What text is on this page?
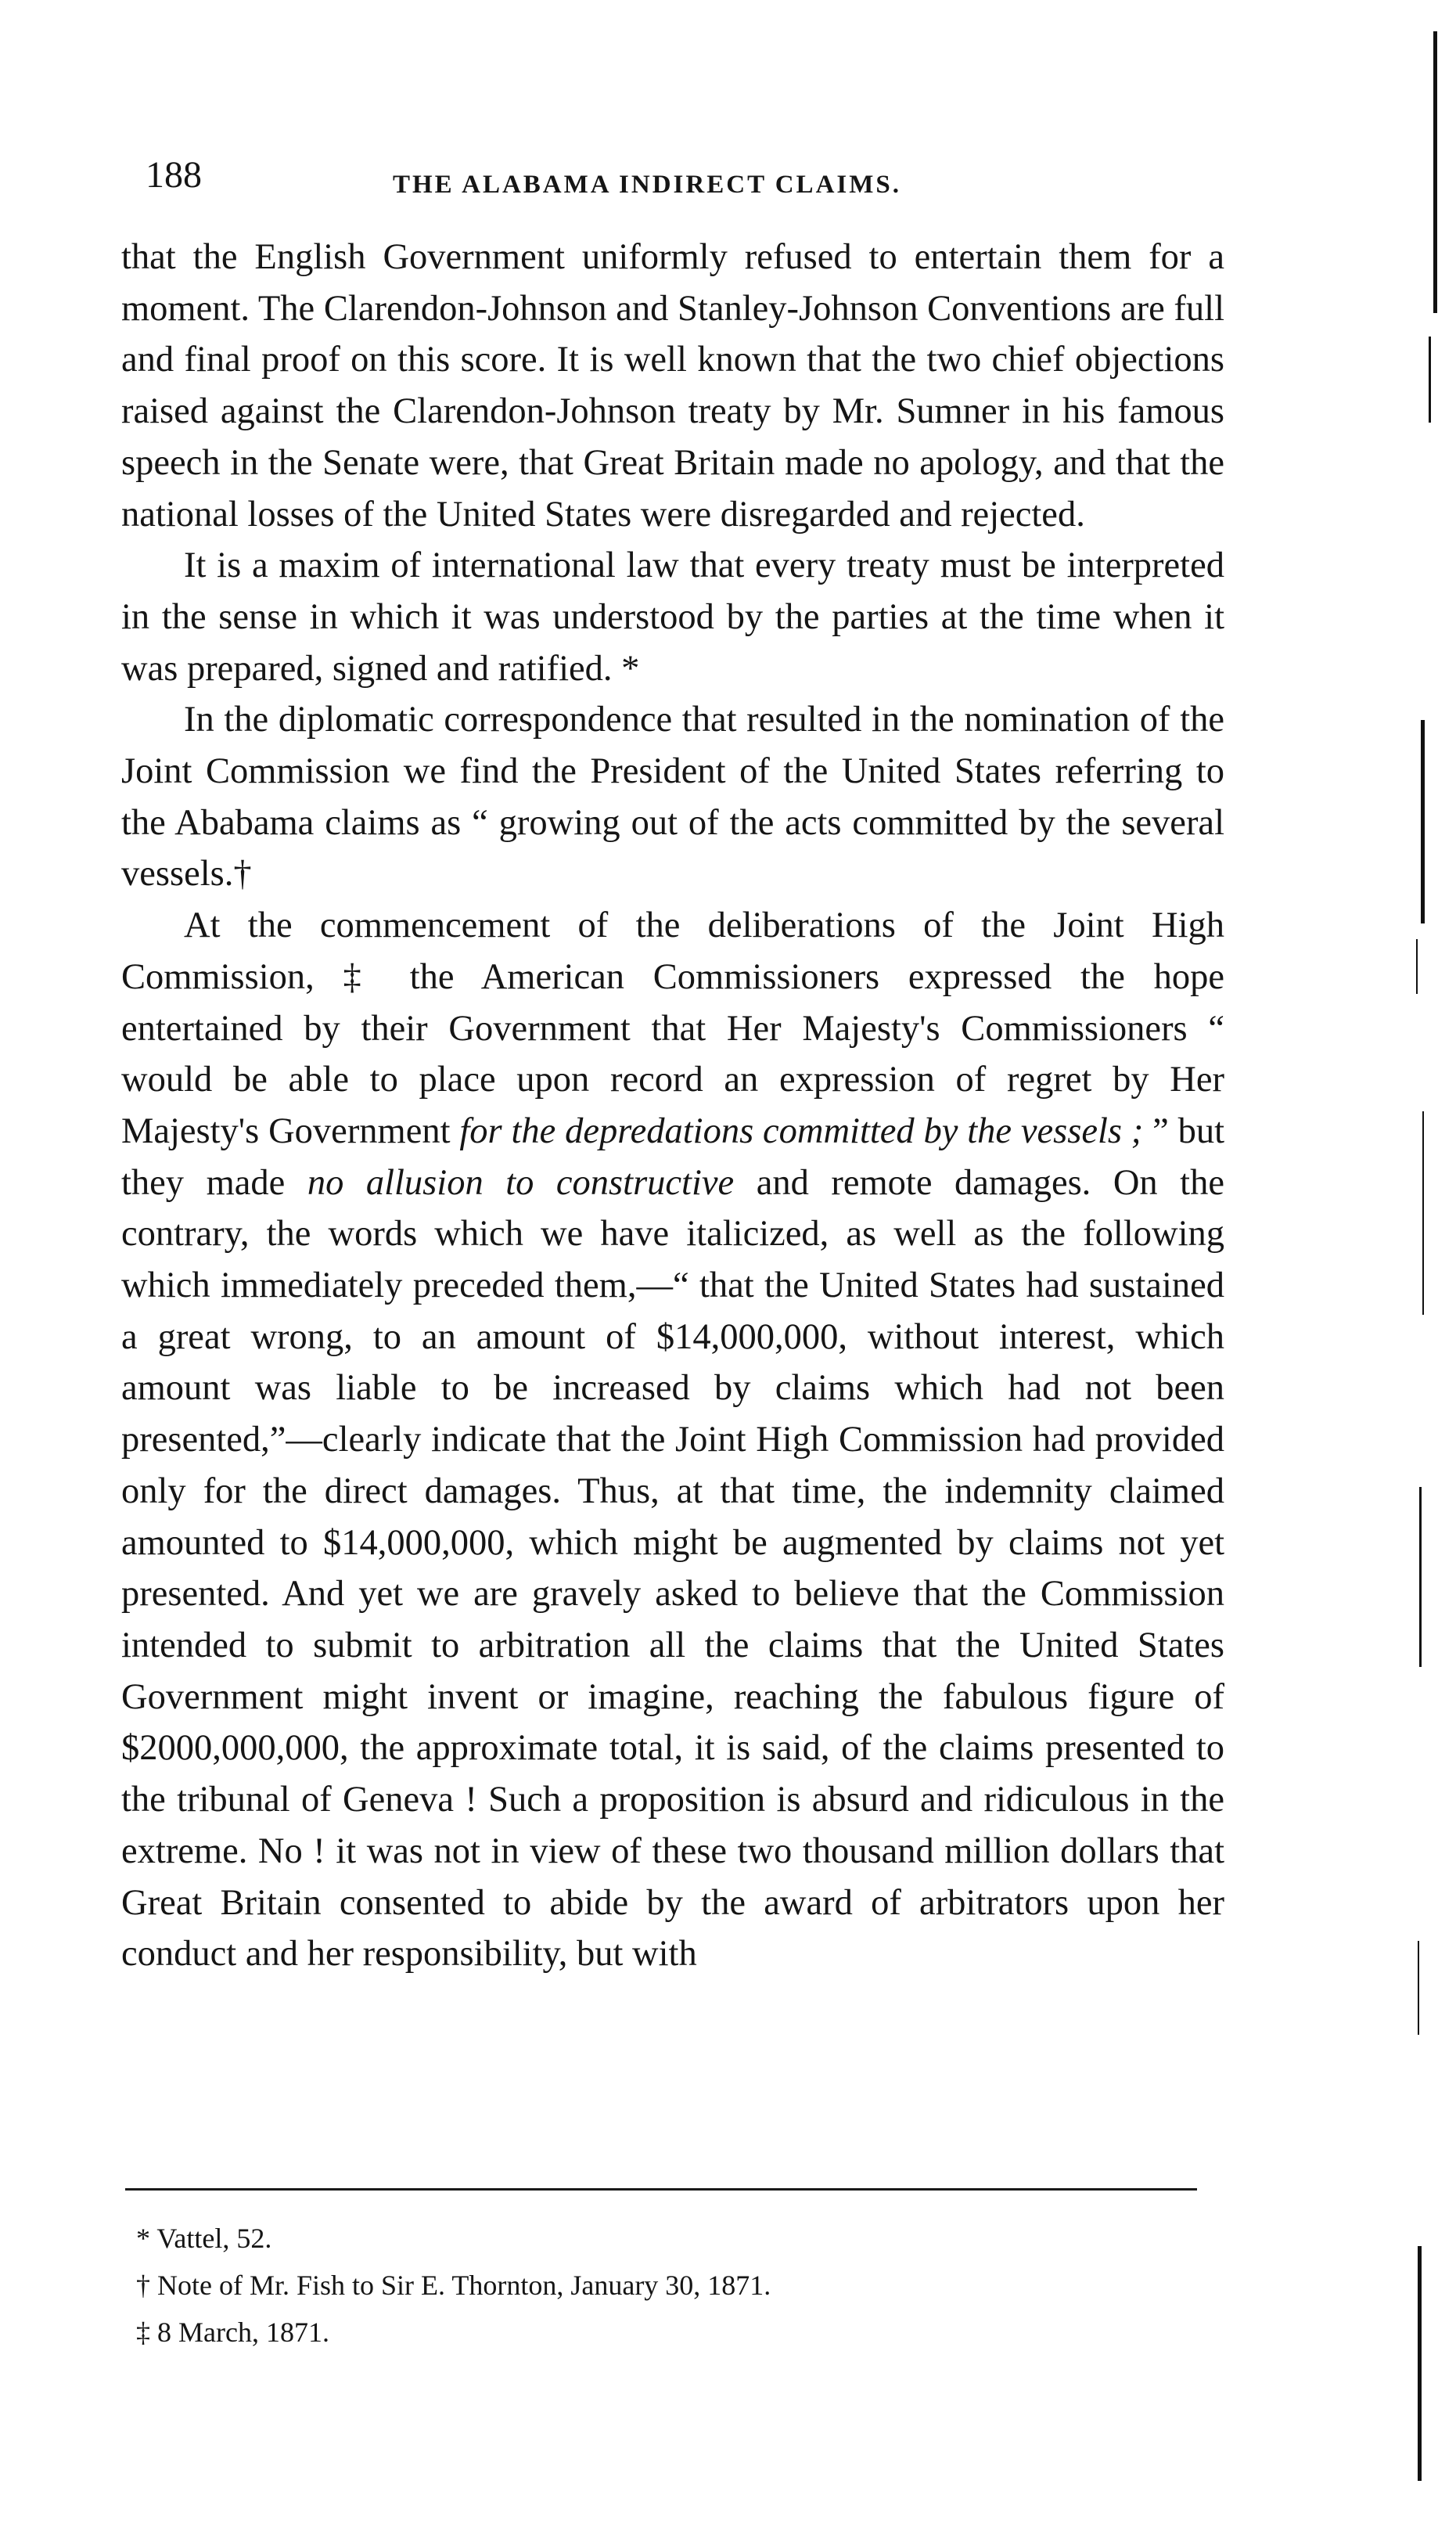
188	THE ALABAMA INDIRECT CLAIMS.

that the English Government uniformly refused to entertain them for a moment. The Clarendon-Johnson and Stanley-Johnson Conventions are full and final proof on this score. It is well known that the two chief objections raised against the Clarendon-Johnson treaty by Mr. Sumner in his famous speech in the Senate were, that Great Britain made no apology, and that the national losses of the United States were disregarded and rejected.

It is a maxim of international law that every treaty must be interpreted in the sense in which it was understood by the parties at the time when it was prepared, signed and ratified. *

In the diplomatic correspondence that resulted in the nomination of the Joint Commission we find the President of the United States referring to the Ababama claims as “ growing out of the acts committed by the several vessels.†

At the commencement of the deliberations of the Joint High Commission, ‡ the American Commissioners expressed the hope entertained by their Government that Her Majesty's Commissioners “ would be able to place upon record an expression of regret by Her Majesty's Government for the depredations committed by the vessels ; ” but they made no allusion to constructive and remote damages. On the contrary, the words which we have italicized, as well as the following which immediately preceded them,—“ that the United States had sustained a great wrong, to an amount of $14,000,000, without interest, which amount was liable to be increased by claims which had not been presented,”—clearly indicate that the Joint High Commission had provided only for the direct damages. Thus, at that time, the indemnity claimed amounted to $14,000,000, which might be augmented by claims not yet presented. And yet we are gravely asked to believe that the Commission intended to submit to arbitration all the claims that the United States Government might invent or imagine, reaching the fabulous figure of $2000,000,000, the approximate total, it is said, of the claims presented to the tribunal of Geneva ! Such a proposition is absurd and ridiculous in the extreme. No ! it was not in view of these two thousand million dollars that Great Britain consented to abide by the award of arbitrators upon her conduct and her responsibility, but with

* Vattel, 52.

† Note of Mr. Fish to Sir E. Thornton, January 30, 1871.

‡ 8 March, 1871.
